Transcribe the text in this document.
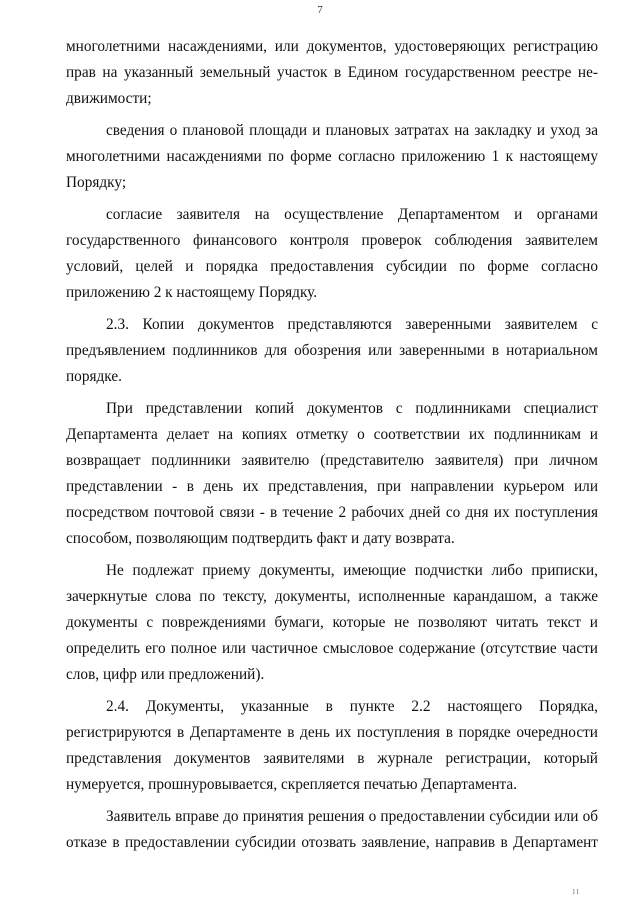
7
многолетними насаждениями, или документов, удостоверяющих регистрацию
прав на указанный земельный участок в Едином государственном реестре не-
движимости;
сведения о плановой площади и плановых затратах на закладку и уход за
многолетними насаждениями по форме согласно приложению 1 к настоящему
Порядку;
согласие заявителя на осуществление Департаментом и органами
государственного финансового контроля проверок соблюдения заявителем
условий, целей и порядка предоставления субсидии по форме согласно
приложению 2 к настоящему Порядку.
2.3. Копии документов представляются заверенными заявителем с
предъявлением подлинников для обозрения или заверенными в нотариальном
порядке.
При представлении копий документов с подлинниками специалист
Департамента делает на копиях отметку о соответствии их подлинникам и
возвращает подлинники заявителю (представителю заявителя) при личном
представлении - в день их представления, при направлении курьером или
посредством почтовой связи - в течение 2 рабочих дней со дня их поступления
способом, позволяющим подтвердить факт и дату возврата.
Не подлежат приему документы, имеющие подчистки либо приписки,
зачеркнутые слова по тексту, документы, исполненные карандашом, а также
документы с повреждениями бумаги, которые не позволяют читать текст и
определить его полное или частичное смысловое содержание (отсутствие части
слов, цифр или предложений).
2.4. Документы, указанные в пункте 2.2 настоящего Порядка,
регистрируются в Департаменте в день их поступления в порядке очередности
представления документов заявителями в журнале регистрации, который
нумеруется, прошнуровывается, скрепляется печатью Департамента.
Заявитель вправе до принятия решения о предоставлении субсидии или об
отказе в предоставлении субсидии отозвать заявление, направив в Департамент
ıı
